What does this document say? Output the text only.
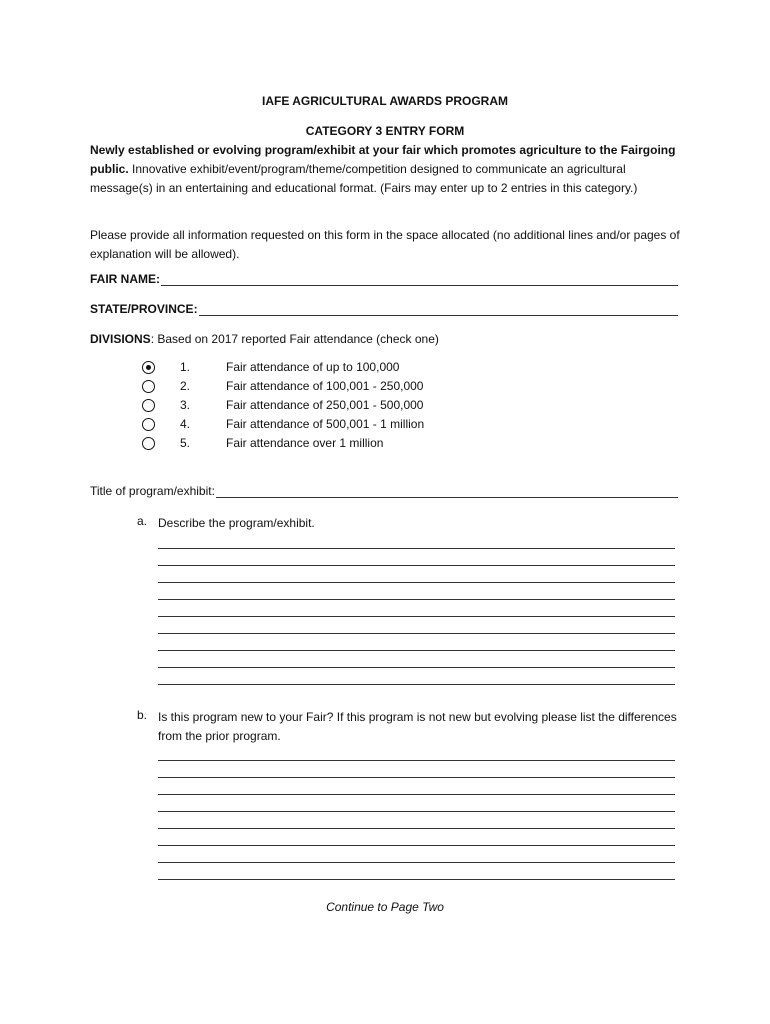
IAFE AGRICULTURAL AWARDS PROGRAM
CATEGORY 3 ENTRY FORM
Newly established or evolving program/exhibit at your fair which promotes agriculture to the Fairgoing public. Innovative exhibit/event/program/theme/competition designed to communicate an agricultural message(s) in an entertaining and educational format. (Fairs may enter up to 2 entries in this category.)
Please provide all information requested on this form in the space allocated (no additional lines and/or pages of explanation will be allowed).
FAIR NAME:
STATE/PROVINCE:
DIVISIONS: Based on 2017 reported Fair attendance (check one)
1.	Fair attendance of up to 100,000
2.	Fair attendance of 100,001 - 250,000
3.	Fair attendance of 250,001 - 500,000
4.	Fair attendance of 500,001 - 1 million
5.	Fair attendance over 1 million
Title of program/exhibit:
a. Describe the program/exhibit.
b. Is this program new to your Fair? If this program is not new but evolving please list the differences from the prior program.
Continue to Page Two
